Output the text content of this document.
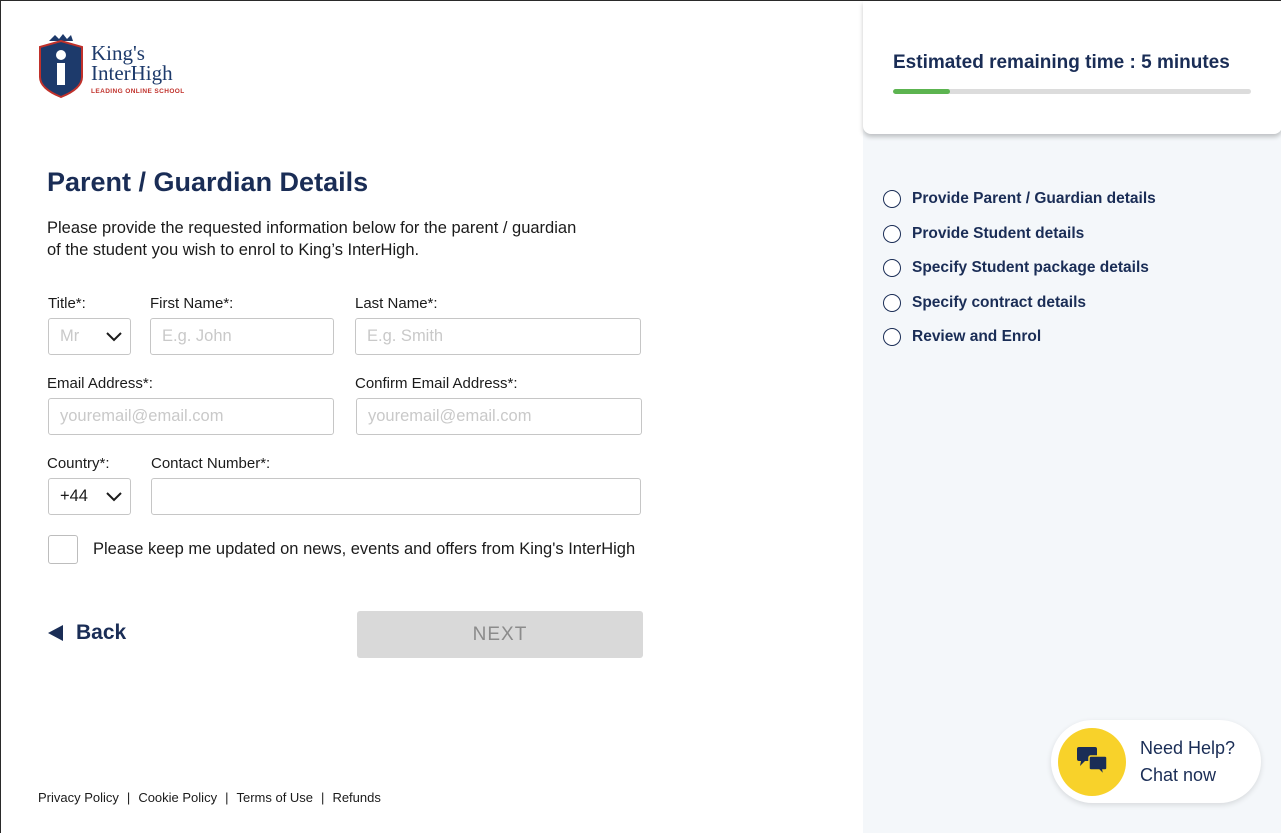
King's
InterHigh
LEADING ONLINE SCHOOL
Parent / Guardian Details
Please provide the requested information below for the parent / guardian
of the student you wish to enrol to King’s InterHigh.
Title*:
Mr
First Name*:
E.g. John
Last Name*:
E.g. Smith
Email Address*:
youremail@email.com
Confirm Email Address*:
youremail@email.com
Country*:
+44
Contact Number*:
Please keep me updated on news, events and offers from King's InterHigh
Back	NEXT
Privacy Policy | Cookie Policy | Terms of Use | Refunds
Estimated remaining time : 5 minutes
Provide Parent / Guardian details
Provide Student details
Specify Student package details
Specify contract details
Review and Enrol
Need Help?
Chat now
